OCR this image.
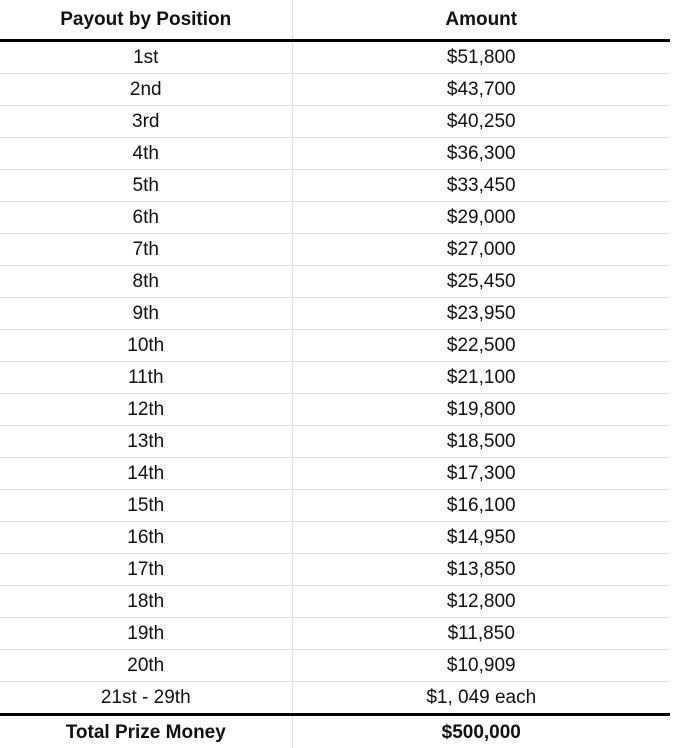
Payout by Position	Amount
1st	$51,800
2nd	$43,700
3rd	$40,250
4th	$36,300
5th	$33,450
6th	$29,000
7th	$27,000
8th	$25,450
9th	$23,950
10th	$22,500
11th	$21,100
12th	$19,800
13th	$18,500
14th	$17,300
15th	$16,100
16th	$14,950
17th	$13,850
18th	$12,800
19th	$11,850
20th	$10,909
21st - 29th	$1, 049 each
Total Prize Money	$500,000
